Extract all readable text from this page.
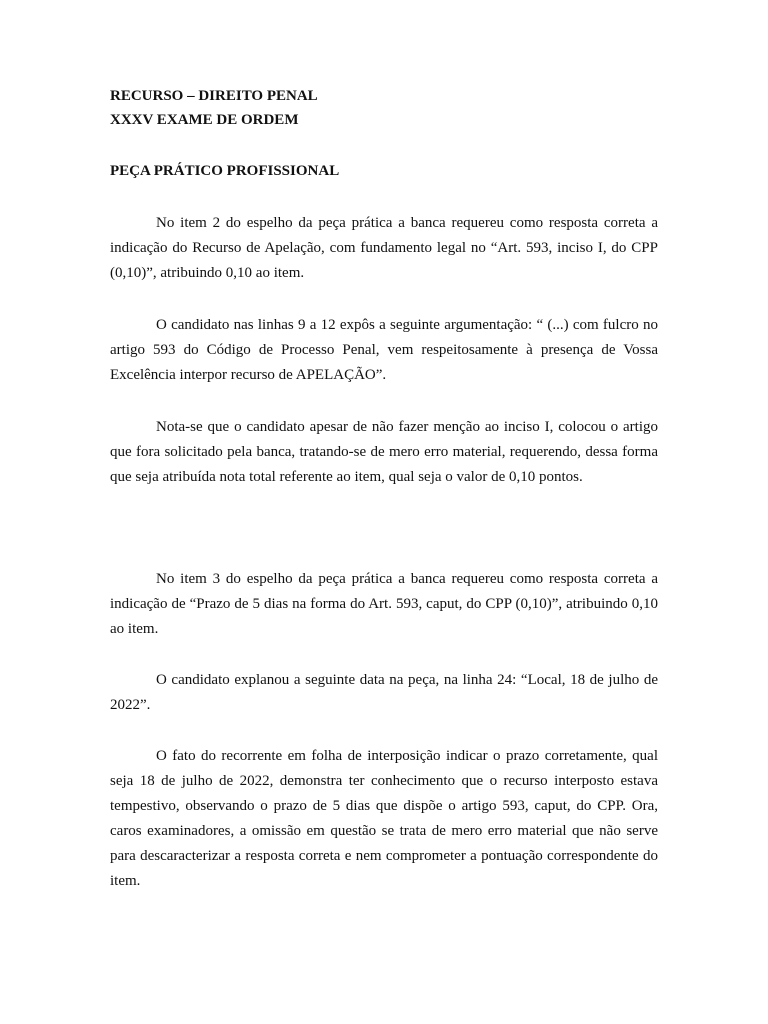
RECURSO – DIREITO PENAL

XXXV EXAME DE ORDEM

PEÇA PRÁTICO PROFISSIONAL

No item 2 do espelho da peça prática a banca requereu como resposta correta a indicação do Recurso de Apelação, com fundamento legal no “Art. 593, inciso I, do CPP (0,10)”, atribuindo 0,10 ao item.

O candidato nas linhas 9 a 12 expôs a seguinte argumentação: “ (...) com fulcro no artigo 593 do Código de Processo Penal, vem respeitosamente à presença de Vossa Excelência interpor recurso de APELAÇÃO”.

Nota-se que o candidato apesar de não fazer menção ao inciso I, colocou o artigo que fora solicitado pela banca, tratando-se de mero erro material, requerendo, dessa forma que seja atribuída nota total referente ao item, qual seja o valor de 0,10 pontos.

No item 3 do espelho da peça prática a banca requereu como resposta correta a indicação de “Prazo de 5 dias na forma do Art. 593, caput, do CPP (0,10)”, atribuindo 0,10 ao item.

O candidato explanou a seguinte data na peça, na linha 24: “Local, 18 de julho de 2022”.

O fato do recorrente em folha de interposição indicar o prazo corretamente, qual seja 18 de julho de 2022, demonstra ter conhecimento que o recurso interposto estava tempestivo, observando o prazo de 5 dias que dispõe o artigo 593, caput, do CPP. Ora, caros examinadores, a omissão em questão se trata de mero erro material que não serve para descaracterizar a resposta correta e nem comprometer a pontuação correspondente do item.
